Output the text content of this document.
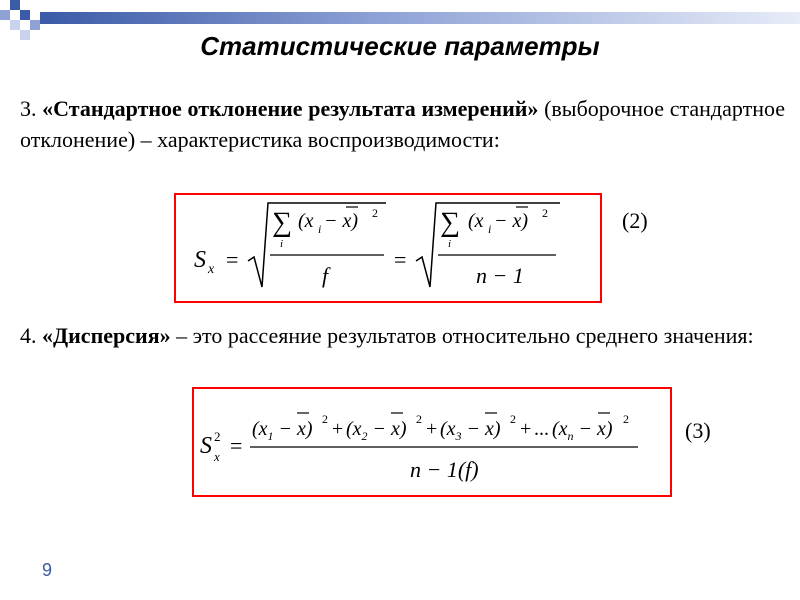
Статистические параметры
3. «Стандартное отклонение результата измерений» (выборочное стандартное отклонение) – характеристика воспроизводимости:
S x =
∑
i
(x i − x) 2
f
=
∑
i
(x i − x) 2
n − 1
(2)
4. «Дисперсия» – это рассеяние результатов относительно среднего значения:
S 2
x =
$(x_1 - x) 2 + (x_2 - x) 2 + (x_3 - x) 2$ + ... $(x_n - x)$ 2
n − 1(f)
(3)
9
